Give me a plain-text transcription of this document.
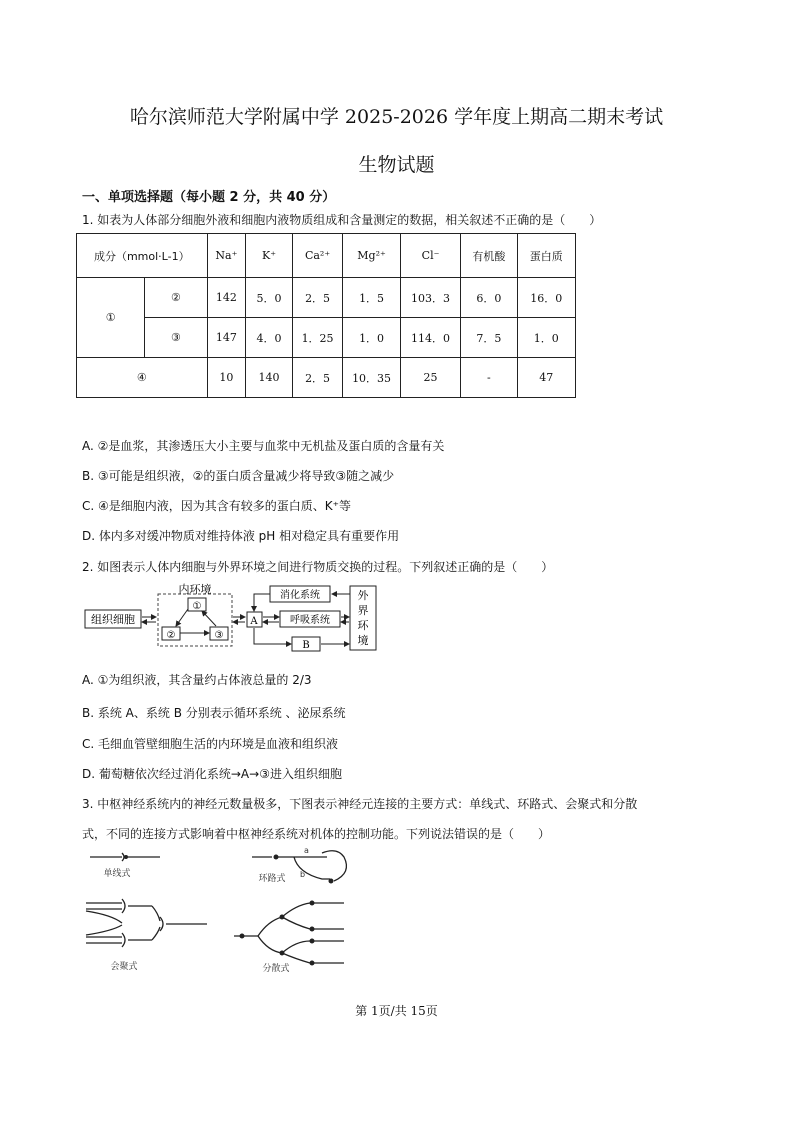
哈尔滨师范大学附属中学 2025-2026 学年度上期高二期末考试
生物试题
一、单项选择题（每小题 2 分，共 40 分）
1. 如表为人体部分细胞外液和细胞内液物质组成和含量测定的数据，相关叙述不正确的是（　　）
成分（mmol·L-1）		Na⁺	K⁺	Ca²⁺	Mg²⁺	Cl⁻	有机酸	蛋白质
①	②	142	5．0	2．5	1．5	103．3	6．0	16．0
	③	147	4．0	1．25	1．0	114．0	7．5	1．0
④		10	140	2．5	10．35	25	-	47
A. ②是血浆，其渗透压大小主要与血浆中无机盐及蛋白质的含量有关
B. ③可能是组织液，②的蛋白质含量减少将导致③随之减少
C. ④是细胞内液，因为其含有较多的蛋白质、K⁺等
D. 体内多对缓冲物质对维持体液 pH 相对稳定具有重要作用
2. 如图表示人体内细胞与外界环境之间进行物质交换的过程。下列叙述正确的是（　　）
组织细胞
内环境
①
②	③
A
消化系统
呼吸系统
B
外
界
环
境
A. ①为组织液，其含量约占体液总量的 2/3
B. 系统 A、系统 B 分别表示循环系统 、泌尿系统
C. 毛细血管壁细胞生活的内环境是血液和组织液
D. 葡萄糖依次经过消化系统→A→③进入组织细胞
3. 中枢神经系统内的神经元数量极多，下图表示神经元连接的主要方式：单线式、环路式、会聚式和分散
式，不同的连接方式影响着中枢神经系统对机体的控制功能。下列说法错误的是（　　）
单线式
a
b
环路式
会聚式	分散式
第 1页/共 15页
